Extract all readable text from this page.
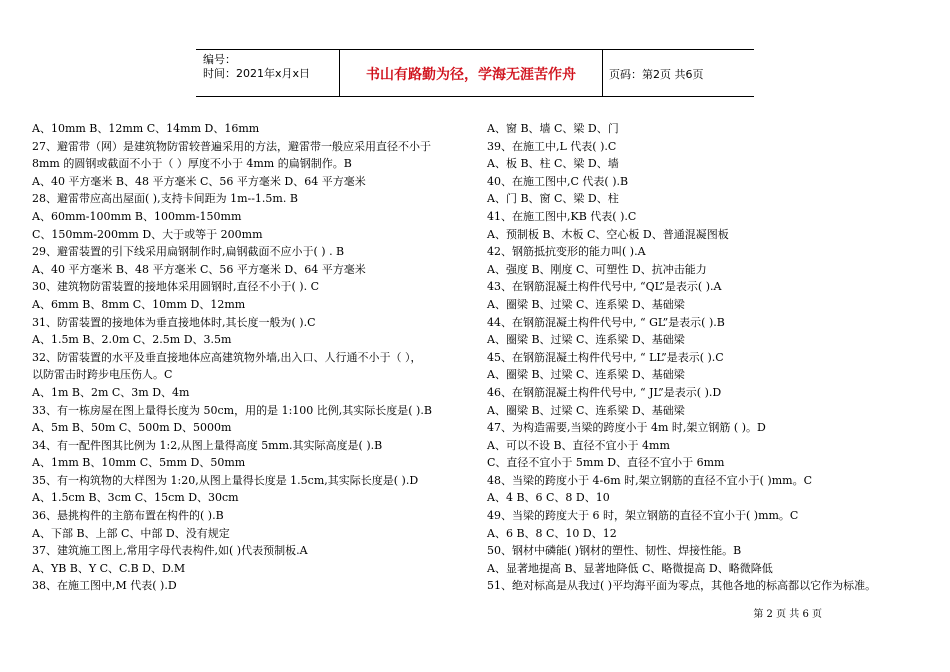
编号：
时间：2021年x月x日	书山有路勤为径，学海无涯苦作舟	页码：第2页 共6页
A、10mm B、12mm C、14mm D、16mm
27、避雷带（网）是建筑物防雷较普遍采用的方法，避雷带一般应采用直径不小于
8mm 的圆钢或截面不小于（ ）厚度不小于 4mm 的扁钢制作。B
A、40 平方毫米 B、48 平方毫米 C、56 平方毫米 D、64 平方毫米
28、避雷带应高出屋面( ),支持卡间距为 1m--1.5m. B
A、60mm-100mm B、100mm-150mm
C、150mm-200mm D、大于或等于 200mm
29、避雷装置的引下线采用扁钢制作时,扁钢截面不应小于( ) . B
A、40 平方毫米 B、48 平方毫米 C、56 平方毫米 D、64 平方毫米
30、建筑物防雷装置的接地体采用圆钢时,直径不小于( ). C
A、6mm B、8mm C、10mm D、12mm
31、防雷装置的接地体为垂直接地体时,其长度一般为( ).C
A、1.5m B、2.0m C、2.5m D、3.5m
32、防雷装置的水平及垂直接地体应高建筑物外墙,出入口、人行通不小于（ ），
以防雷击时跨步电压伤人。C
A、1m B、2m C、3m D、4m
33、有一栋房屋在图上量得长度为 50cm，用的是 1:100 比例,其实际长度是( ).B
A、5m B、50m C、500m D、5000m
34、有一配件图其比例为 1:2,从图上量得高度 5mm.其实际高度是( ).B
A、1mm B、10mm C、5mm D、50mm
35、有一构筑物的大样图为 1:20,从图上量得长度是 1.5cm,其实际长度是( ).D
A、1.5cm B、3cm C、15cm D、30cm
36、悬挑构件的主筋布置在构件的( ).B
A、下部 B、上部 C、中部 D、没有规定
37、建筑施工图上,常用字母代表构件,如( )代表预制板.A
A、YB B、Y C、C.B D、D.M
38、在施工图中,M 代表( ).D
A、窗 B、墙 C、梁 D、门
39、在施工中,L 代表( ).C
A、板 B、柱 C、梁 D、墙
40、在施工图中,C 代表( ).B
A、门 B、窗 C、梁 D、柱
41、在施工图中,KB 代表( ).C
A、预制板 B、木板 C、空心板 D、普通混凝图板
42、钢筋抵抗变形的能力叫( ).A
A、强度 B、刚度 C、可塑性 D、抗冲击能力
43、在钢筋混凝土构件代号中, “QL”是表示( ).A
A、圈梁 B、过梁 C、连系梁 D、基础梁
44、在钢筋混凝土构件代号中, “ GL”是表示( ).B
A、圈梁 B、过梁 C、连系梁 D、基础梁
45、在钢筋混凝土构件代号中, “ LL”是表示( ).C
A、圈梁 B、过梁 C、连系梁 D、基础梁
46、在钢筋混凝土构件代号中, “ JL”是表示( ).D
A、圈梁 B、过梁 C、连系梁 D、基础梁
47、为构造需要,当梁的跨度小于 4m 时,架立钢筋 ( )。D
A、可以不设 B、直径不宜小于 4mm
C、直径不宜小于 5mm D、直径不宜小于 6mm
48、当梁的跨度小于 4-6m 时,架立钢筋的直径不宜小于( )mm。C
A、4 B、6 C、8 D、10
49、当梁的跨度大于 6 时，架立钢筋的直径不宜小于( )mm。C
A、6 B、8 C、10 D、12
50、钢材中磷能( )钢材的塑性、韧性、焊接性能。B
A、显著地提高 B、显著地降低 C、略微提高 D、略微降低
51、绝对标高是从我过( )平均海平面为零点，其他各地的标高都以它作为标准。
第 2 页 共 6 页
